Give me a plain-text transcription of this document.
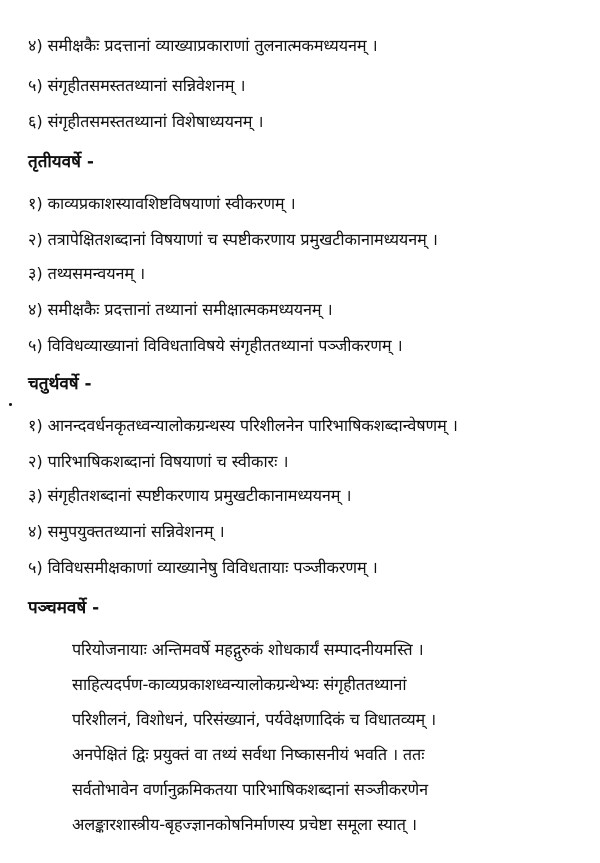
४) समीक्षकैः प्रदत्तानां व्याख्याप्रकाराणां तुलनात्मकमध्ययनम् ।
५) संगृहीतसमस्ततथ्यानां सन्निवेशनम् ।
६) संगृहीतसमस्ततथ्यानां विशेषाध्ययनम् ।
तृतीयवर्षे -
१) काव्यप्रकाशस्यावशिष्टविषयाणां स्वीकरणम् ।
२) तत्रापेक्षितशब्दानां विषयाणां च स्पष्टीकरणाय प्रमुखटीकानामध्ययनम् ।
३) तथ्यसमन्वयनम् ।
४) समीक्षकैः प्रदत्तानां तथ्यानां समीक्षात्मकमध्ययनम् ।
५) विविधव्याख्यानां विविधताविषये संगृहीततथ्यानां पञ्जीकरणम् ।
चतुर्थवर्षे -
१) आनन्दवर्धनकृतध्वन्यालोकग्रन्थस्य परिशीलनेन पारिभाषिकशब्दान्वेषणम् ।
२) पारिभाषिकशब्दानां विषयाणां च स्वीकारः ।
३) संगृहीतशब्दानां स्पष्टीकरणाय प्रमुखटीकानामध्ययनम् ।
४) समुपयुक्ततथ्यानां सन्निवेशनम् ।
५) विविधसमीक्षकाणां व्याख्यानेषु विविधतायाः पञ्जीकरणम् ।
पञ्चमवर्षे -
परियोजनायाः अन्तिमवर्षे महद्गुरुकं शोधकार्यं सम्पादनीयमस्ति ।
साहित्यदर्पण-काव्यप्रकाशध्वन्यालोकग्रन्थेभ्यः संगृहीततथ्यानां
परिशीलनं, विशोधनं, परिसंख्यानं, पर्यवेक्षणादिकं च विधातव्यम् ।
अनपेक्षितं द्विः प्रयुक्तं वा तथ्यं सर्वथा निष्कासनीयं भवति । ततः
सर्वतोभावेन वर्णानुक्रमिकतया पारिभाषिकशब्दानां सञ्जीकरणेन
अलङ्कारशास्त्रीय-बृहज्ज्ञानकोषनिर्माणस्य प्रचेष्टा समूला स्यात् ।
